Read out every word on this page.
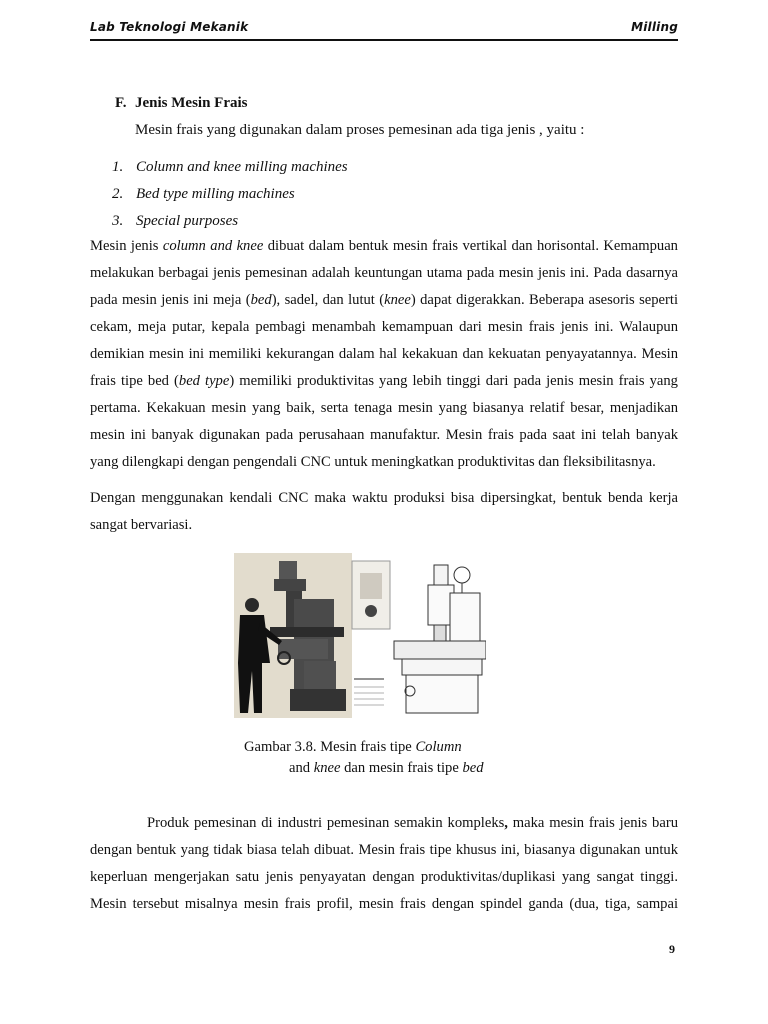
Lab Teknologi Mekanik	Milling
F. Jenis Mesin Frais
Mesin frais yang digunakan dalam proses pemesinan ada tiga jenis , yaitu :
1. Column and knee milling machines
2. Bed type milling machines
3. Special purposes
Mesin jenis column and knee dibuat dalam bentuk mesin frais vertikal dan horisontal. Kemampuan
melakukan berbagai jenis pemesinan adalah keuntungan utama pada mesin jenis ini. Pada dasarnya
pada mesin jenis ini meja (bed), sadel, dan lutut (knee) dapat digerakkan. Beberapa asesoris seperti
cekam, meja putar, kepala pembagi menambah kemampuan dari mesin frais jenis ini. Walaupun
demikian mesin ini memiliki kekurangan dalam hal kekakuan dan kekuatan penyayatannya. Mesin
frais tipe bed (bed type) memiliki produktivitas yang lebih tinggi dari pada jenis mesin frais yang
pertama. Kekakuan mesin yang baik, serta tenaga mesin yang biasanya relatif besar, menjadikan
mesin ini banyak digunakan pada perusahaan manufaktur. Mesin frais pada saat ini telah banyak
yang dilengkapi dengan pengendali CNC untuk meningkatkan produktivitas dan fleksibilitasnya.
Dengan menggunakan kendali CNC maka waktu produksi bisa dipersingkat, bentuk benda kerja
sangat bervariasi.
Gambar 3.8. Mesin frais tipe Column
and knee dan mesin frais tipe bed
Produk pemesinan di industri pemesinan semakin kompleks, maka mesin frais jenis baru
dengan bentuk yang tidak biasa telah dibuat. Mesin frais tipe khusus ini, biasanya digunakan untuk
keperluan mengerjakan satu jenis penyayatan dengan produktivitas/duplikasi yang sangat tinggi.
Mesin tersebut misalnya mesin frais profil, mesin frais dengan spindel ganda (dua, tiga, sampai
9
